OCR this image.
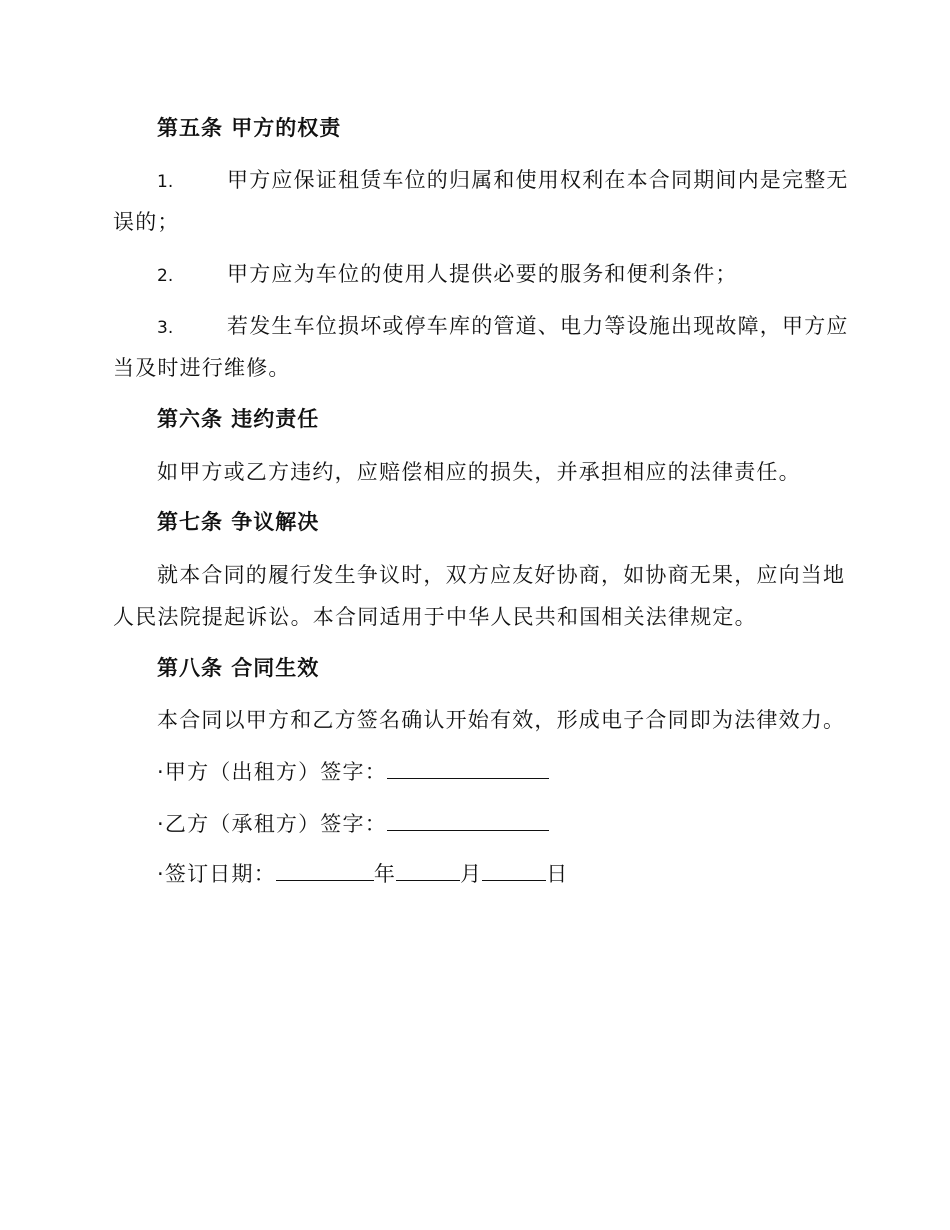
第五条 甲方的权责
1.	甲方应保证租赁车位的归属和使用权利在本合同期间内是完整无
误的；
2.	甲方应为车位的使用人提供必要的服务和便利条件；
3.	若发生车位损坏或停车库的管道、电力等设施出现故障，甲方应
当及时进行维修。
第六条 违约责任
如甲方或乙方违约，应赔偿相应的损失，并承担相应的法律责任。
第七条 争议解决
就本合同的履行发生争议时，双方应友好协商，如协商无果，应向当地
人民法院提起诉讼。本合同适用于中华人民共和国相关法律规定。
第八条 合同生效
本合同以甲方和乙方签名确认开始有效，形成电子合同即为法律效力。
·甲方（出租方）签字：
·乙方（承租方）签字：
·签订日期：	年	月	日
